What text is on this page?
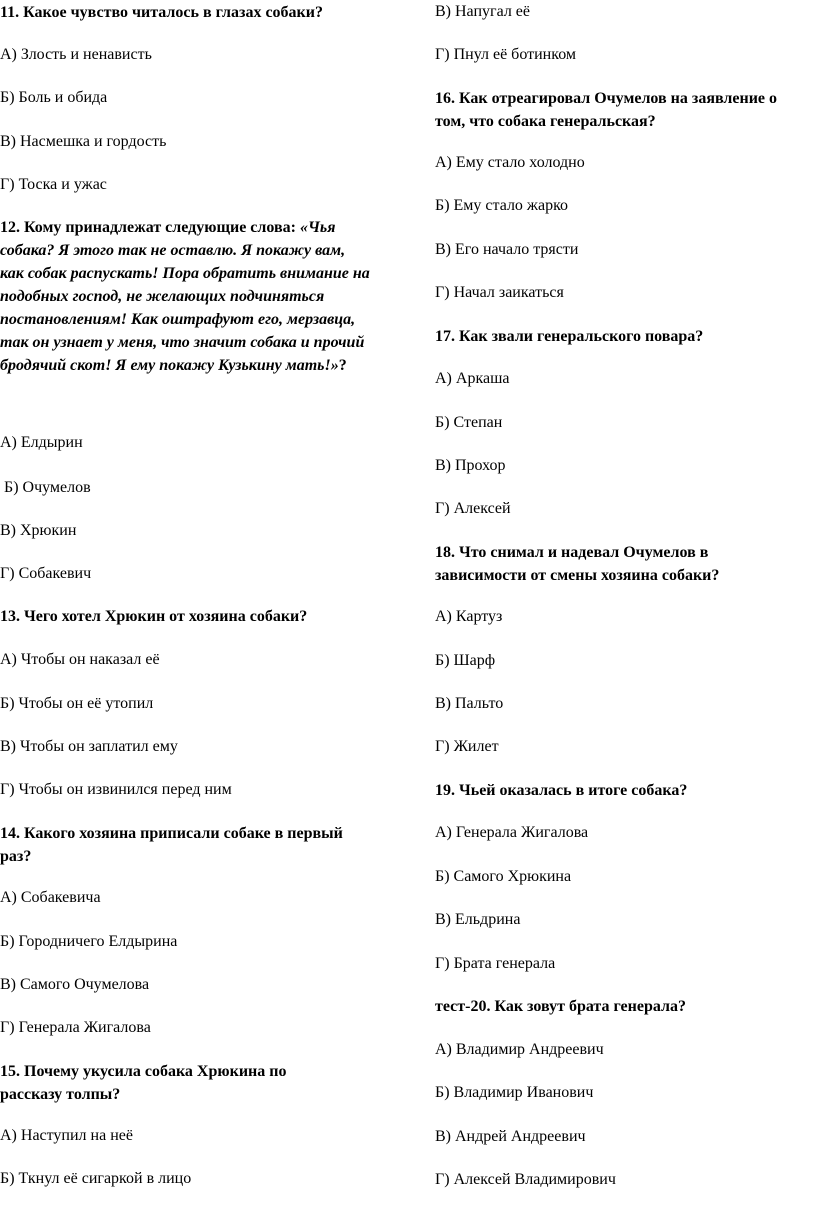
11. Какое чувство читалось в глазах собаки?
А) Злость и ненависть
Б) Боль и обида
В) Насмешка и гордость
Г) Тоска и ужас
12. Кому принадлежат следующие слова: «Чья собака? Я этого так не оставлю. Я покажу вам, как собак распускать! Пора обратить внимание на подобных господ, не желающих подчиняться постановлениям! Как оштрафуют его, мерзавца, так он узнает у меня, что значит собака и прочий бродячий скот! Я ему покажу Кузькину мать!»?
А) Елдырин
Б) Очумелов
В) Хрюкин
Г) Собакевич
13. Чего хотел Хрюкин от хозяина собаки?
А) Чтобы он наказал её
Б) Чтобы он её утопил
В) Чтобы он заплатил ему
Г) Чтобы он извинился перед ним
14. Какого хозяина приписали собаке в первый раз?
А) Собакевича
Б) Городничего Елдырина
В) Самого Очумелова
Г) Генерала Жигалова
15. Почему укусила собака Хрюкина по рассказу толпы?
А) Наступил на неё
Б) Ткнул её сигаркой в лицо
В) Напугал её
Г) Пнул её ботинком
16. Как отреагировал Очумелов на заявление о том, что собака генеральская?
А) Ему стало холодно
Б) Ему стало жарко
В) Его начало трясти
Г) Начал заикаться
17. Как звали генеральского повара?
А) Аркаша
Б) Степан
В) Прохор
Г) Алексей
18. Что снимал и надевал Очумелов в зависимости от смены хозяина собаки?
А) Картуз
Б) Шарф
В) Пальто
Г) Жилет
19. Чьей оказалась в итоге собака?
А) Генерала Жигалова
Б) Самого Хрюкина
В) Ельдрина
Г) Брата генерала
тест-20. Как зовут брата генерала?
А) Владимир Андреевич
Б) Владимир Иванович
В) Андрей Андреевич
Г) Алексей Владимирович
